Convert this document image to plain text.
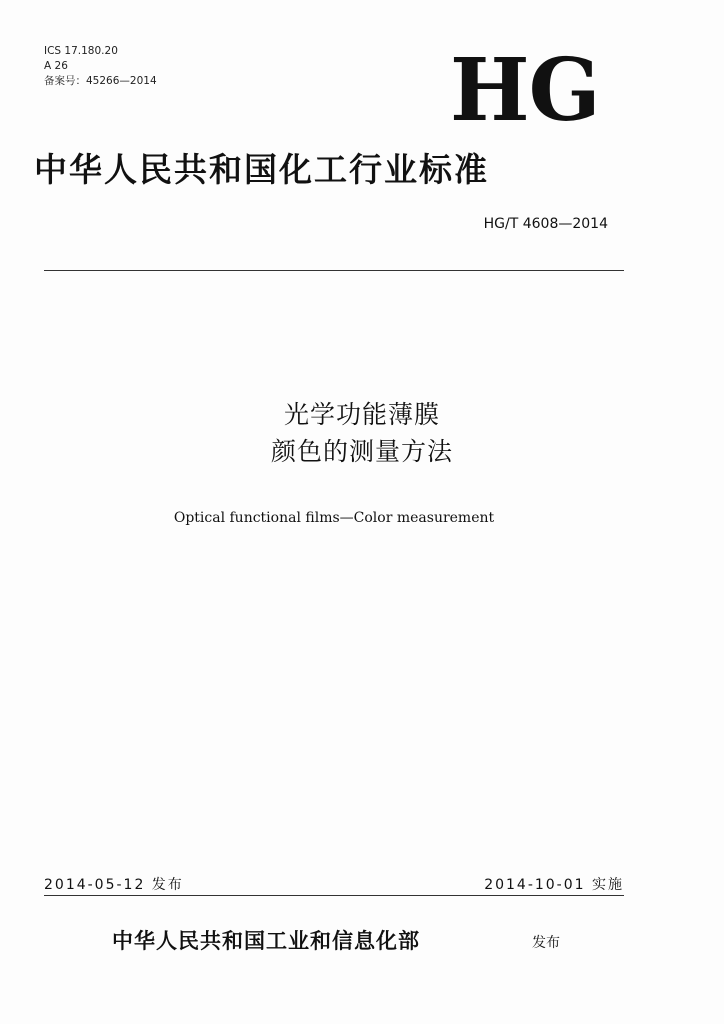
ICS 17.180.20
A 26
备案号：45266—2014	HG
中华人民共和国化工行业标准
HG/T 4608—2014
光学功能薄膜
颜色的测量方法
Optical functional films—Color measurement
2014-05-12 发布	2014-10-01 实施
中华人民共和国工业和信息化部	发布
